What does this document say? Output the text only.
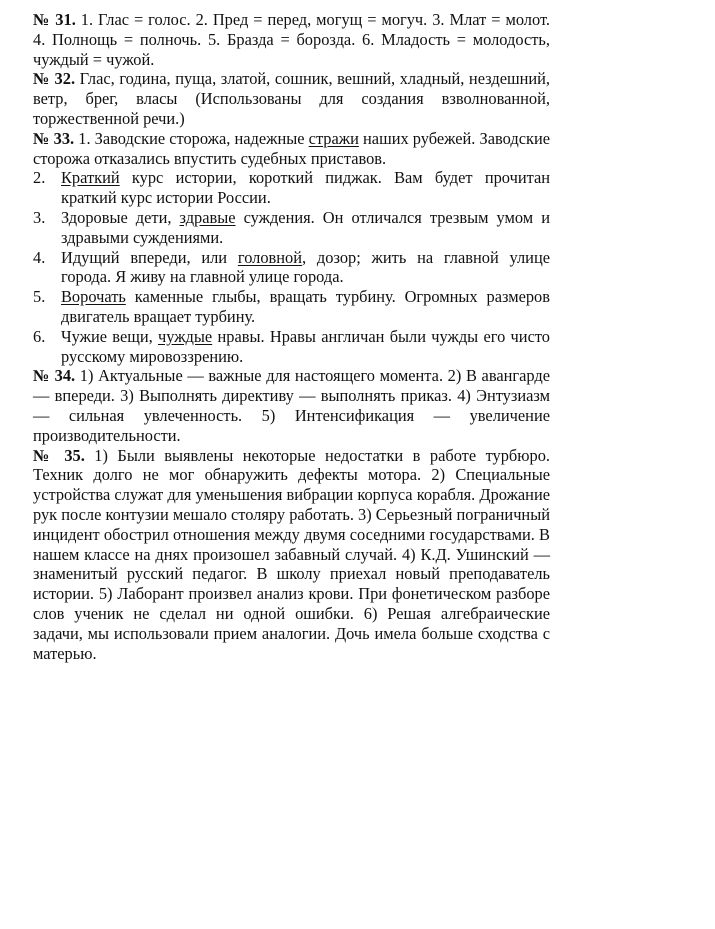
№ 31. 1. Глас = голос. 2. Пред = перед, могущ = могуч. 3. Млат = молот. 4. Полнощь = полночь. 5. Бразда = борозда. 6. Младость = молодость, чуждый = чужой.

№ 32. Глас, година, пуща, златой, сошник, вешний, хладный, нездешний, ветр, брег, власы (Использованы для создания взволнованной, торжественной речи.)

№ 33. 1. Заводские сторожа, надежные стражи наших рубежей. Заводские сторожа отказались впустить судебных приставов.

2. Краткий курс истории, короткий пиджак. Вам будет прочитан краткий курс истории России.
3. Здоровые дети, здравые суждения. Он отличался трезвым умом и здравыми суждениями.
4. Идущий впереди, или головной, дозор; жить на главной улице города. Я живу на главной улице города.
5. Ворочать каменные глыбы, вращать турбину. Огромных размеров двигатель вращает турбину.
6. Чужие вещи, чуждые нравы. Нравы англичан были чужды его чисто русскому мировоззрению.

№ 34. 1) Актуальные — важные для настоящего момента. 2) В авангарде — впереди. 3) Выполнять директиву — выполнять приказ. 4) Энтузиазм — сильная увлеченность. 5) Интенсификация — увеличение производительности.

№ 35. 1) Были выявлены некоторые недостатки в работе турбюро. Техник долго не мог обнаружить дефекты мотора. 2) Специальные устройства служат для уменьшения вибрации корпуса корабля. Дрожание рук после контузии мешало столяру работать. 3) Серьезный пограничный инцидент обострил отношения между двумя соседними государствами. В нашем классе на днях произошел забавный случай. 4) К.Д. Ушинский — знаменитый русский педагог. В школу приехал новый преподаватель истории. 5) Лаборант произвел анализ крови. При фонетическом разборе слов ученик не сделал ни одной ошибки. 6) Решая алгебраические задачи, мы использовали прием аналогии. Дочь имела больше сходства с матерью.
